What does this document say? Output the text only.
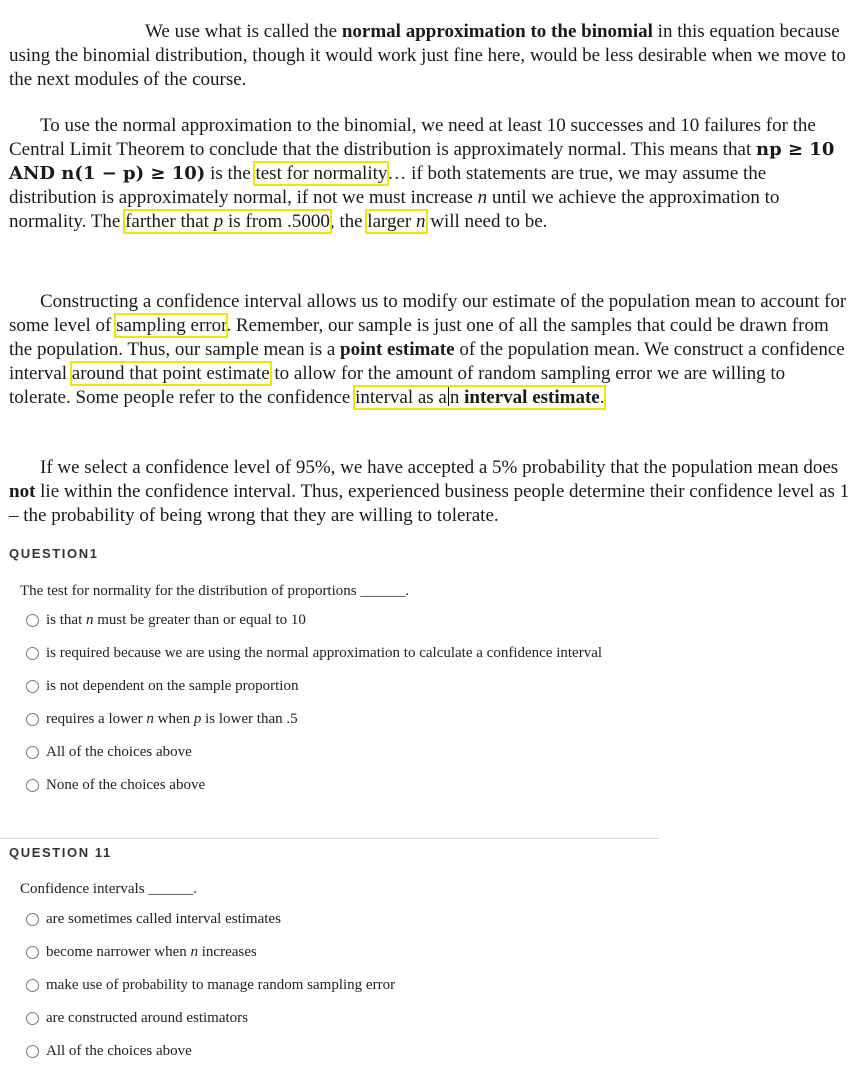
We use what is called the normal approximation to the binomial in this equation because using the binomial distribution, though it would work just fine here, would be less desirable when we move to the next modules of the course.

To use the normal approximation to the binomial, we need at least 10 successes and 10 failures for the Central Limit Theorem to conclude that the distribution is approximately normal. This means that np ≥ 10 AND n(1 − p) ≥ 10) is the test for normality… if both statements are true, we may assume the distribution is approximately normal, if not we must increase n until we achieve the approximation to normality. The farther that p is from .5000, the larger n will need to be.

Constructing a confidence interval allows us to modify our estimate of the population mean to account for some level of sampling error. Remember, our sample is just one of all the samples that could be drawn from the population. Thus, our sample mean is a point estimate of the population mean. We construct a confidence interval around that point estimate to allow for the amount of random sampling error we are willing to tolerate. Some people refer to the confidence interval as a n interval estimate.

If we select a confidence level of 95%, we have accepted a 5% probability that the population mean does not lie within the confidence interval. Thus, experienced business people determine their confidence level as 1 – the probability of being wrong that they are willing to tolerate.

QUESTION1
The test for normality for the distribution of proportions ______.
is that n must be greater than or equal to 10
is required because we are using the normal approximation to calculate a confidence interval
is not dependent on the sample proportion
requires a lower n when p is lower than .5
All of the choices above
None of the choices above
QUESTION 11
Confidence intervals ______.
are sometimes called interval estimates
become narrower when n increases
make use of probability to manage random sampling error
are constructed around estimators
All of the choices above
